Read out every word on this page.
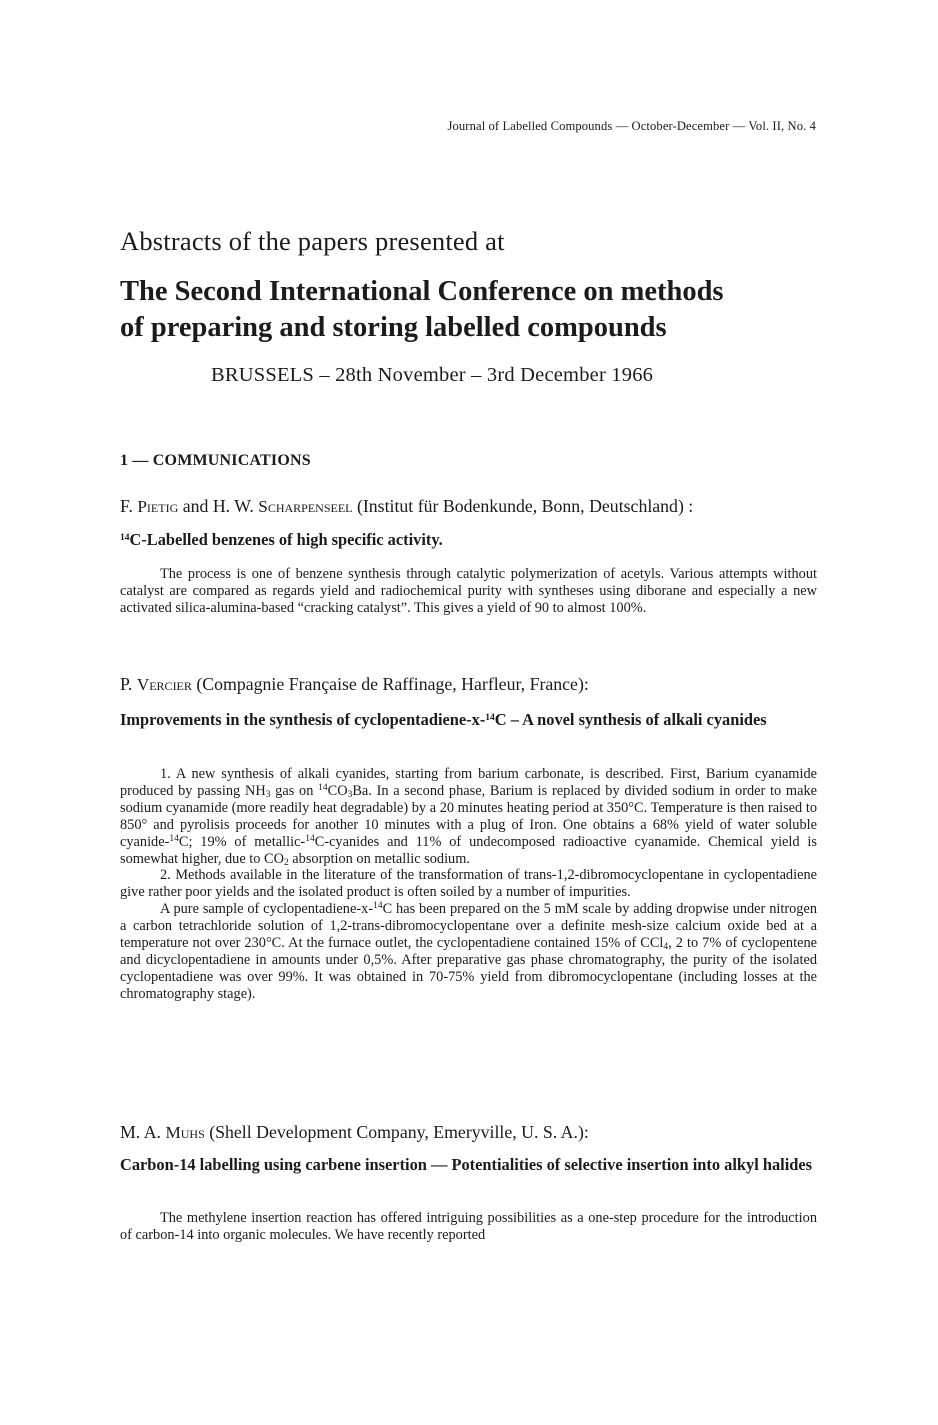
Journal of Labelled Compounds — October-December — Vol. II, No. 4
Abstracts of the papers presented at
The Second International Conference on methods
of preparing and storing labelled compounds
BRUSSELS – 28th November – 3rd December 1966
1 — COMMUNICATIONS
F. Pietig and H. W. Scharpenseel (Institut für Bodenkunde, Bonn, Deutschland) :
$^{14}$C-Labelled benzenes of high specific activity.

The process is one of benzene synthesis through catalytic polymerization of acetyls. Various attempts without catalyst are compared as regards yield and radiochemical purity with syntheses using diborane and especially a new activated silica-alumina-based “cracking catalyst”. This gives a yield of 90 to almost 100%.

P. Vercier (Compagnie Française de Raffinage, Harfleur, France):
Improvements in the synthesis of cyclopentadiene-x-$^{14}$C – A novel synthesis of alkali cyanides

1. A new synthesis of alkali cyanides, starting from barium carbonate, is described. First, Barium cyanamide produced by passing $NH_3$ gas on $^{14}CO_3Ba$. In a second phase, Barium is replaced by divided sodium in order to make sodium cyanamide (more readily heat degradable) by a 20 minutes heating period at 350°C. Temperature is then raised to 850° and pyrolisis proceeds for another 10 minutes with a plug of Iron. One obtains a 68% yield of water soluble cyanide-$^{14}$C; 19% of metallic-$^{14}$C-cyanides and 11% of undecomposed radioactive cyanamide. Chemical yield is somewhat higher, due to $CO_2$ absorption on metallic sodium.

2. Methods available in the literature of the transformation of trans-1,2-dibromocyclopentane in cyclopentadiene give rather poor yields and the isolated product is often soiled by a number of impurities.

A pure sample of cyclopentadiene-x-$^{14}$C has been prepared on the 5 mM scale by adding dropwise under nitrogen a carbon tetrachloride solution of 1,2-trans-dibromocyclopentane over a definite mesh-size calcium oxide bed at a temperature not over 230°C. At the furnace outlet, the cyclopentadiene contained 15% of CCl$_4$, 2 to 7% of cyclopentene and dicyclopentadiene in amounts under 0,5%. After preparative gas phase chromatography, the purity of the isolated cyclopentadiene was over 99%. It was obtained in 70-75% yield from dibromocyclopentane (including losses at the chromatography stage).

M. A. Muhs (Shell Development Company, Emeryville, U. S. A.):
Carbon-14 labelling using carbene insertion — Potentialities of selective insertion into alkyl halides

The methylene insertion reaction has offered intriguing possibilities as a one-step procedure for the introduction of carbon-14 into organic molecules. We have recently reported
